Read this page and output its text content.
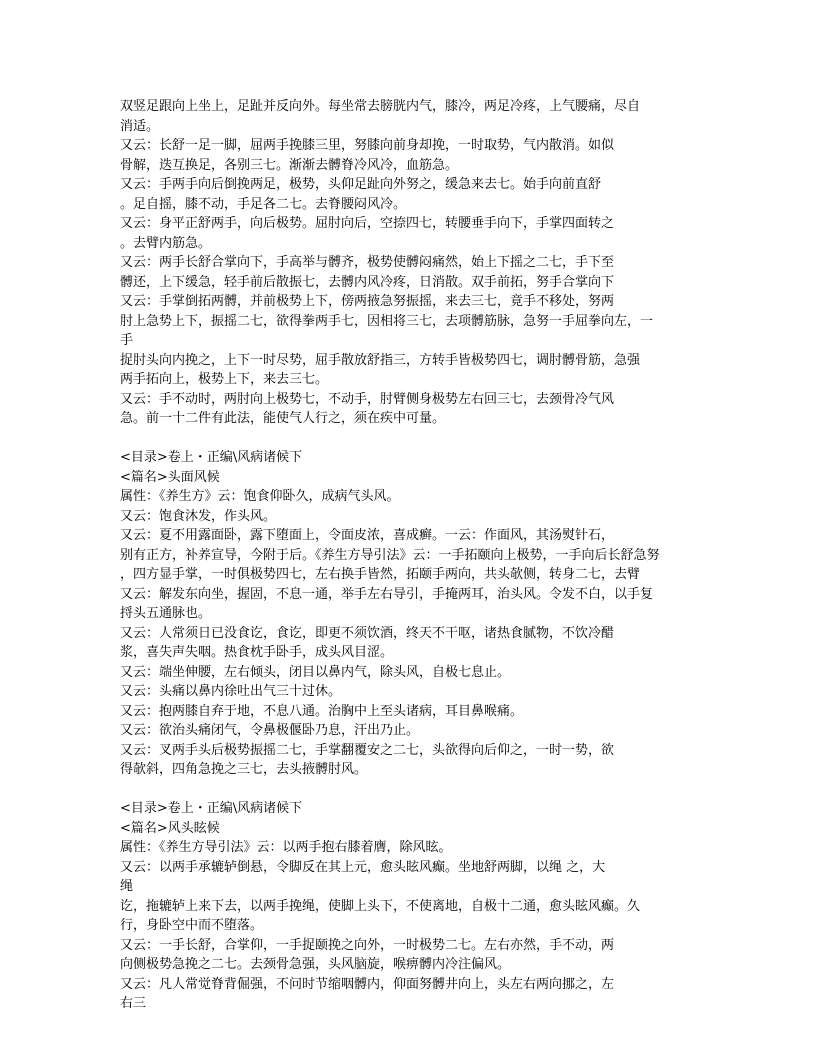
双竖足跟向上坐上，足趾并反向外。每坐常去膀胱内气，膝冷，两足冷疼，上气腰痛，尽自
消适。
又云：长舒一足一脚，屈两手挽膝三里，努膝向前身却挽，一时取势，气内散消。如似
骨解，迭互换足，各别三七。渐渐去髆脊冷风冷，血筋急。
又云：手两手向后倒挽两足，极势，头仰足趾向外努之，缓急来去七。始手向前直舒
。足自摇，膝不动，手足各二七。去脊腰闷风冷。
又云：身平正舒两手，向后极势。屈肘向后，空捺四七，转腰垂手向下，手掌四面转之
。去臂内筋急。
又云：两手长舒合掌向下，手高举与髆齐，极势使髆闷痛然，始上下摇之二七，手下至
髆还，上下缓急，轻手前后散振七，去髆内风冷疼，日消散。双手前拓，努手合掌向下
又云：手掌倒拓两髆，并前极势上下，傍两掖急努振摇，来去三七，竟手不移处，努两
肘上急势上下，振摇二七，欲得拳两手七，因相将三七，去项髆筋脉，急努一手屈拳向左，一
手
捉肘头向内挽之，上下一时尽势，屈手散放舒指三，方转手皆极势四七，调肘髆骨筋，急强
两手拓向上，极势上下，来去三七。
又云：手不动时，两肘向上极势七，不动手，肘臂侧身极势左右回三七，去颈骨冷气风
急。前一十二件有此法，能使气人行之，须在疾中可量。
<目录>卷上・正编\风病诸候下
<篇名>头面风候
属性：《养生方》云：饱食仰卧久，成病气头风。
又云：饱食沐发，作头风。
又云：夏不用露面卧，露下堕面上，令面皮浓，喜成癣。一云：作面风，其汤熨针石，
别有正方，补养宣导，今附于后。《养生方导引法》云：一手拓颐向上极势，一手向后长舒急努
，四方显手掌，一时俱极势四七，左右换手皆然，拓颐手两向，共头欹侧，转身二七，去臂
又云：解发东向坐，握固，不息一通，举手左右导引，手掩两耳，治头风。令发不白，以手复
捋头五通脉也。
又云：人常须日已没食讫，食讫，即更不须饮酒，终天不干呕，诸热食腻物，不饮冷醋
浆，喜失声失咽。热食枕手卧手，成头风目涩。
又云：端坐伸腰，左右倾头，闭目以鼻内气，除头风，自极七息止。
又云：头痛以鼻内徐吐出气三十过休。
又云：抱两膝自弃于地，不息八通。治胸中上至头诸病，耳目鼻喉痛。
又云：欲治头痛闭气，令鼻极偃卧乃息，汗出乃止。
又云：叉两手头后极势振摇二七，手掌翻覆安之二七，头欲得向后仰之，一时一势，欲
得欹斜，四角急挽之三七，去头掖髆肘风。
<目录>卷上・正编\风病诸候下
<篇名>风头眩候
属性：《养生方导引法》云：以两手抱右膝着膺，除风眩。
又云：以两手承辘轳倒悬，令脚反在其上元，愈头眩风癫。坐地舒两脚，以绳 之，大
绳
讫，拖辘轳上来下去，以两手挽绳，使脚上头下，不使离地，自极十二通，愈头眩风癫。久
行，身卧空中而不堕落。
又云：一手长舒，合掌仰，一手捉颐挽之向外，一时极势二七。左右亦然，手不动，两
向侧极势急挽之二七。去颈骨急强，头风脑旋，喉痹髆内冷注偏风。
又云：凡人常觉脊背倔强，不问时节缩咽髆内，仰面努髆井向上，头左右两向挪之，左
右三
